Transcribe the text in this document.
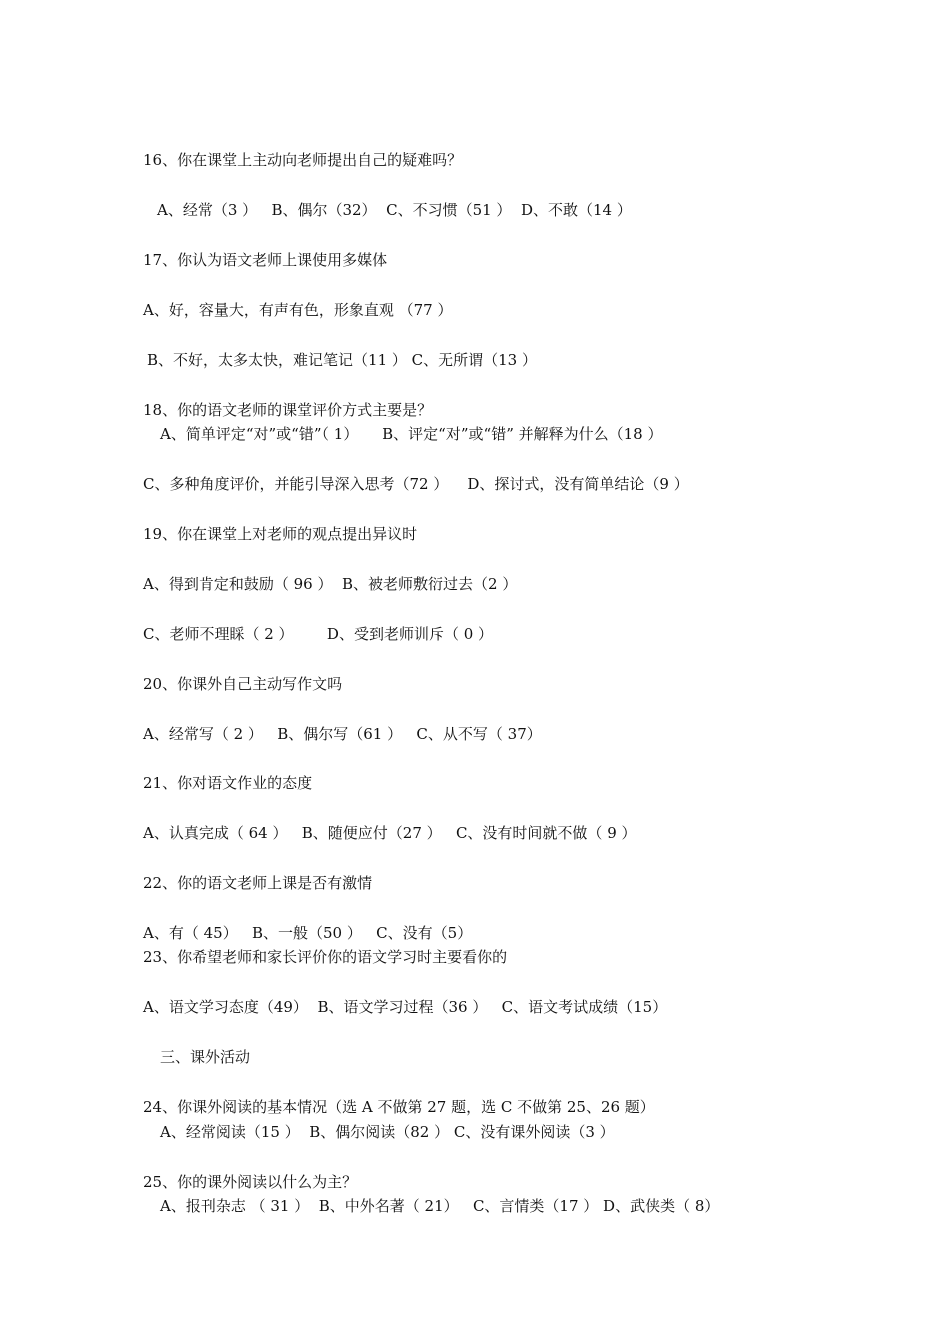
16、你在课堂上主动向老师提出自己的疑难吗？
A、经常（3 ）   B、偶尔（32）  C、不习惯（51 ）  D、不敢（14 ）
17、你认为语文老师上课使用多媒体
A、好，容量大，有声有色，形象直观 （77 ）
B、不好，太多太快，难记笔记（11 ） C、无所谓（13 ）
18、你的语文老师的课堂评价方式主要是？
A、简单评定“对”或“错”（ 1）     B、评定“对”或“错” 并解释为什么（18 ）
C、多种角度评价，并能引导深入思考（72 ）    D、探讨式，没有简单结论（9 ）
19、你在课堂上对老师的观点提出异议时
A、得到肯定和鼓励（ 96 ）  B、被老师敷衍过去（2 ）
C、老师不理睬（ 2 ）       D、受到老师训斥（ 0 ）
20、你课外自己主动写作文吗
A、经常写（ 2 ）   B、偶尔写（61 ）   C、从不写（ 37）
21、你对语文作业的态度
A、认真完成（ 64 ）   B、随便应付（27 ）   C、没有时间就不做（ 9 ）
22、你的语文老师上课是否有激情
A、有（ 45）   B、一般（50 ）   C、没有（5）
23、你希望老师和家长评价你的语文学习时主要看你的
A、语文学习态度（49）  B、语文学习过程（36 ）   C、语文考试成绩（15）
三、课外活动
24、你课外阅读的基本情况（选 A 不做第 27 题，选 C 不做第 25、26 题）
A、经常阅读（15 ）  B、偶尔阅读（82 ） C、没有课外阅读（3 ）
25、你的课外阅读以什么为主？
A、报刊杂志 （ 31 ）  B、中外名著（ 21）   C、言情类（17 ） D、武侠类（ 8）
